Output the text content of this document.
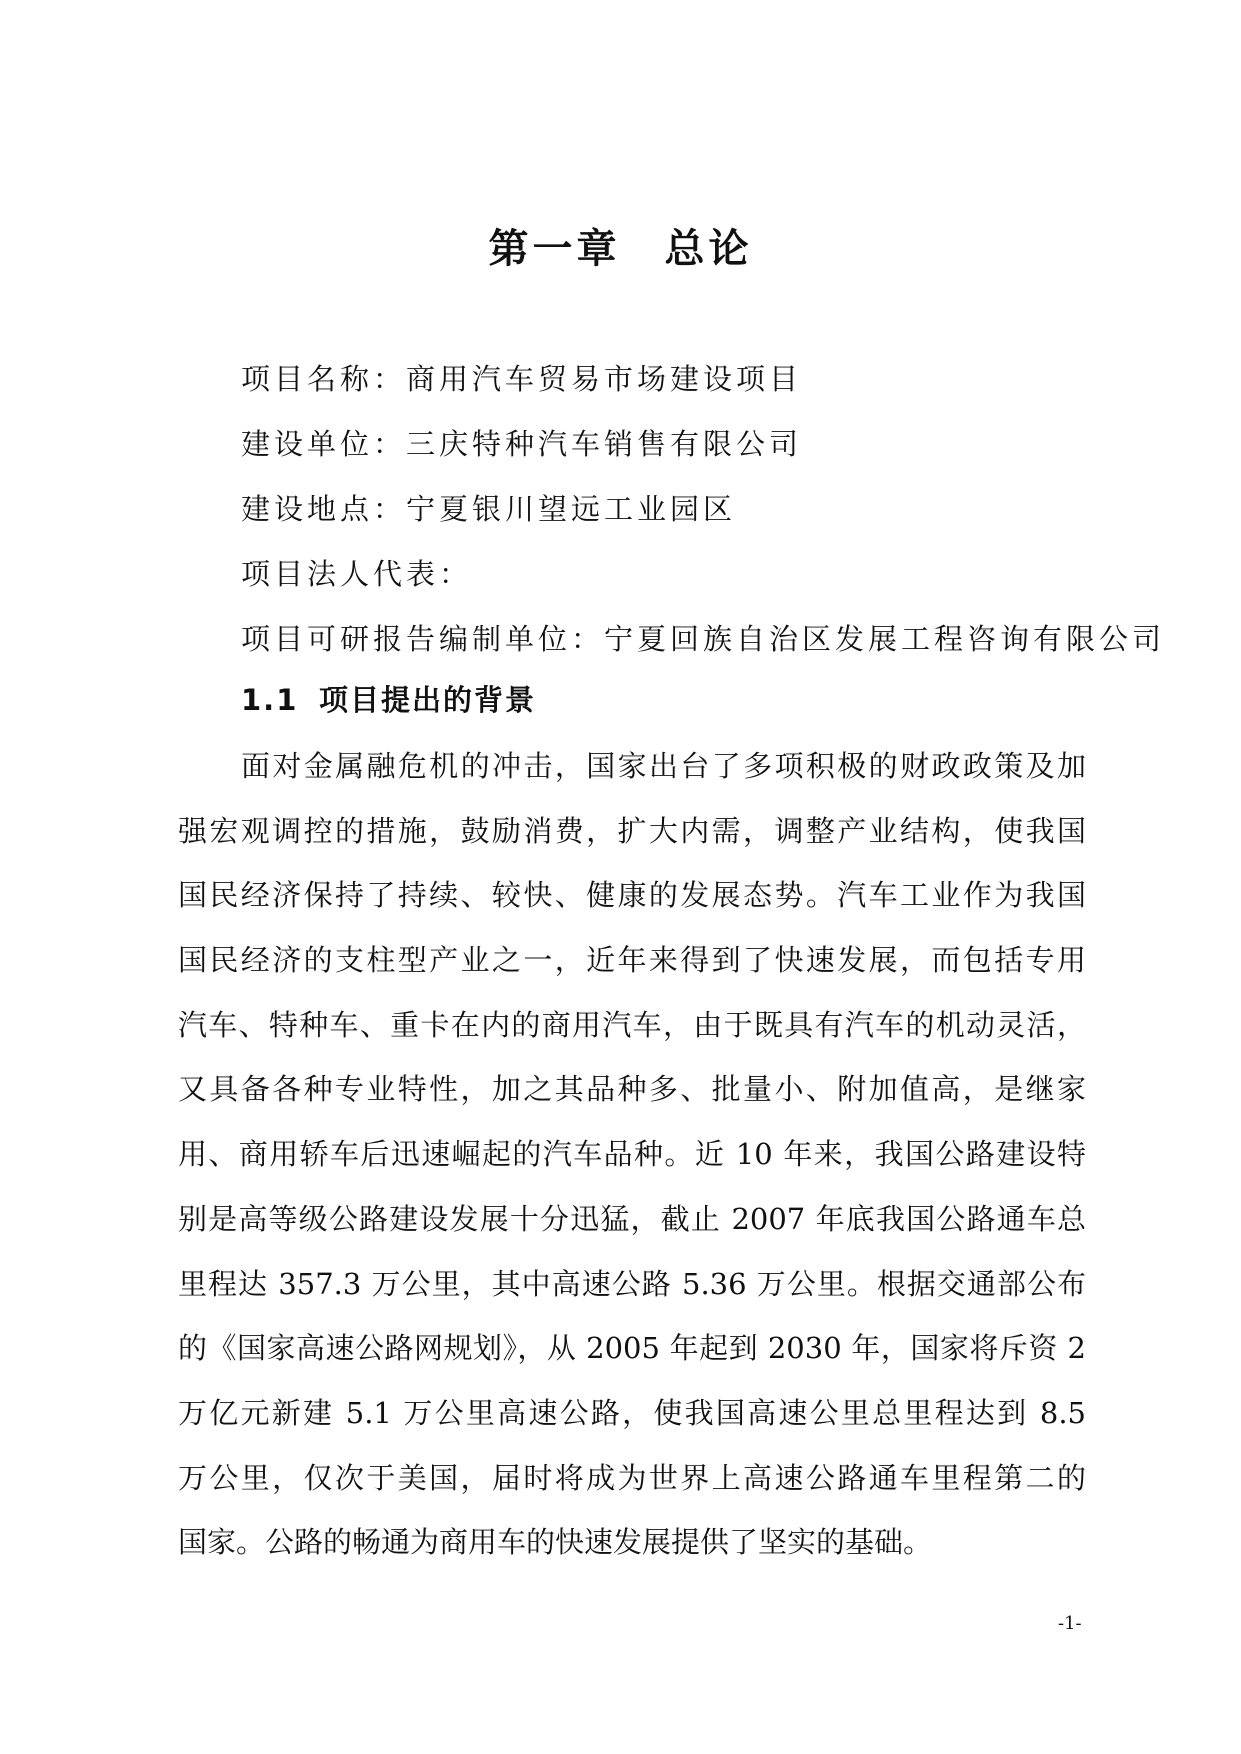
第一章　总论
项目名称：商用汽车贸易市场建设项目
建设单位：三庆特种汽车销售有限公司
建设地点：宁夏银川望远工业园区
项目法人代表：
项目可研报告编制单位：宁夏回族自治区发展工程咨询有限公司
1.1 项目提出的背景
面对金属融危机的冲击，国家出台了多项积极的财政政策及加
强宏观调控的措施，鼓励消费，扩大内需，调整产业结构，使我国
国民经济保持了持续、较快、健康的发展态势。汽车工业作为我国
国民经济的支柱型产业之一，近年来得到了快速发展，而包括专用
汽车、特种车、重卡在内的商用汽车，由于既具有汽车的机动灵活，
又具备各种专业特性，加之其品种多、批量小、附加值高，是继家
用、商用轿车后迅速崛起的汽车品种。近 10 年来，我国公路建设特
别是高等级公路建设发展十分迅猛，截止 2007 年底我国公路通车总
里程达 357.3 万公里，其中高速公路 5.36 万公里。根据交通部公布
的《国家高速公路网规划》，从 2005 年起到 2030 年，国家将斥资 2
万亿元新建 5.1 万公里高速公路，使我国高速公里总里程达到 8.5
万公里，仅次于美国，届时将成为世界上高速公路通车里程第二的
国家。公路的畅通为商用车的快速发展提供了坚实的基础。
-1-
